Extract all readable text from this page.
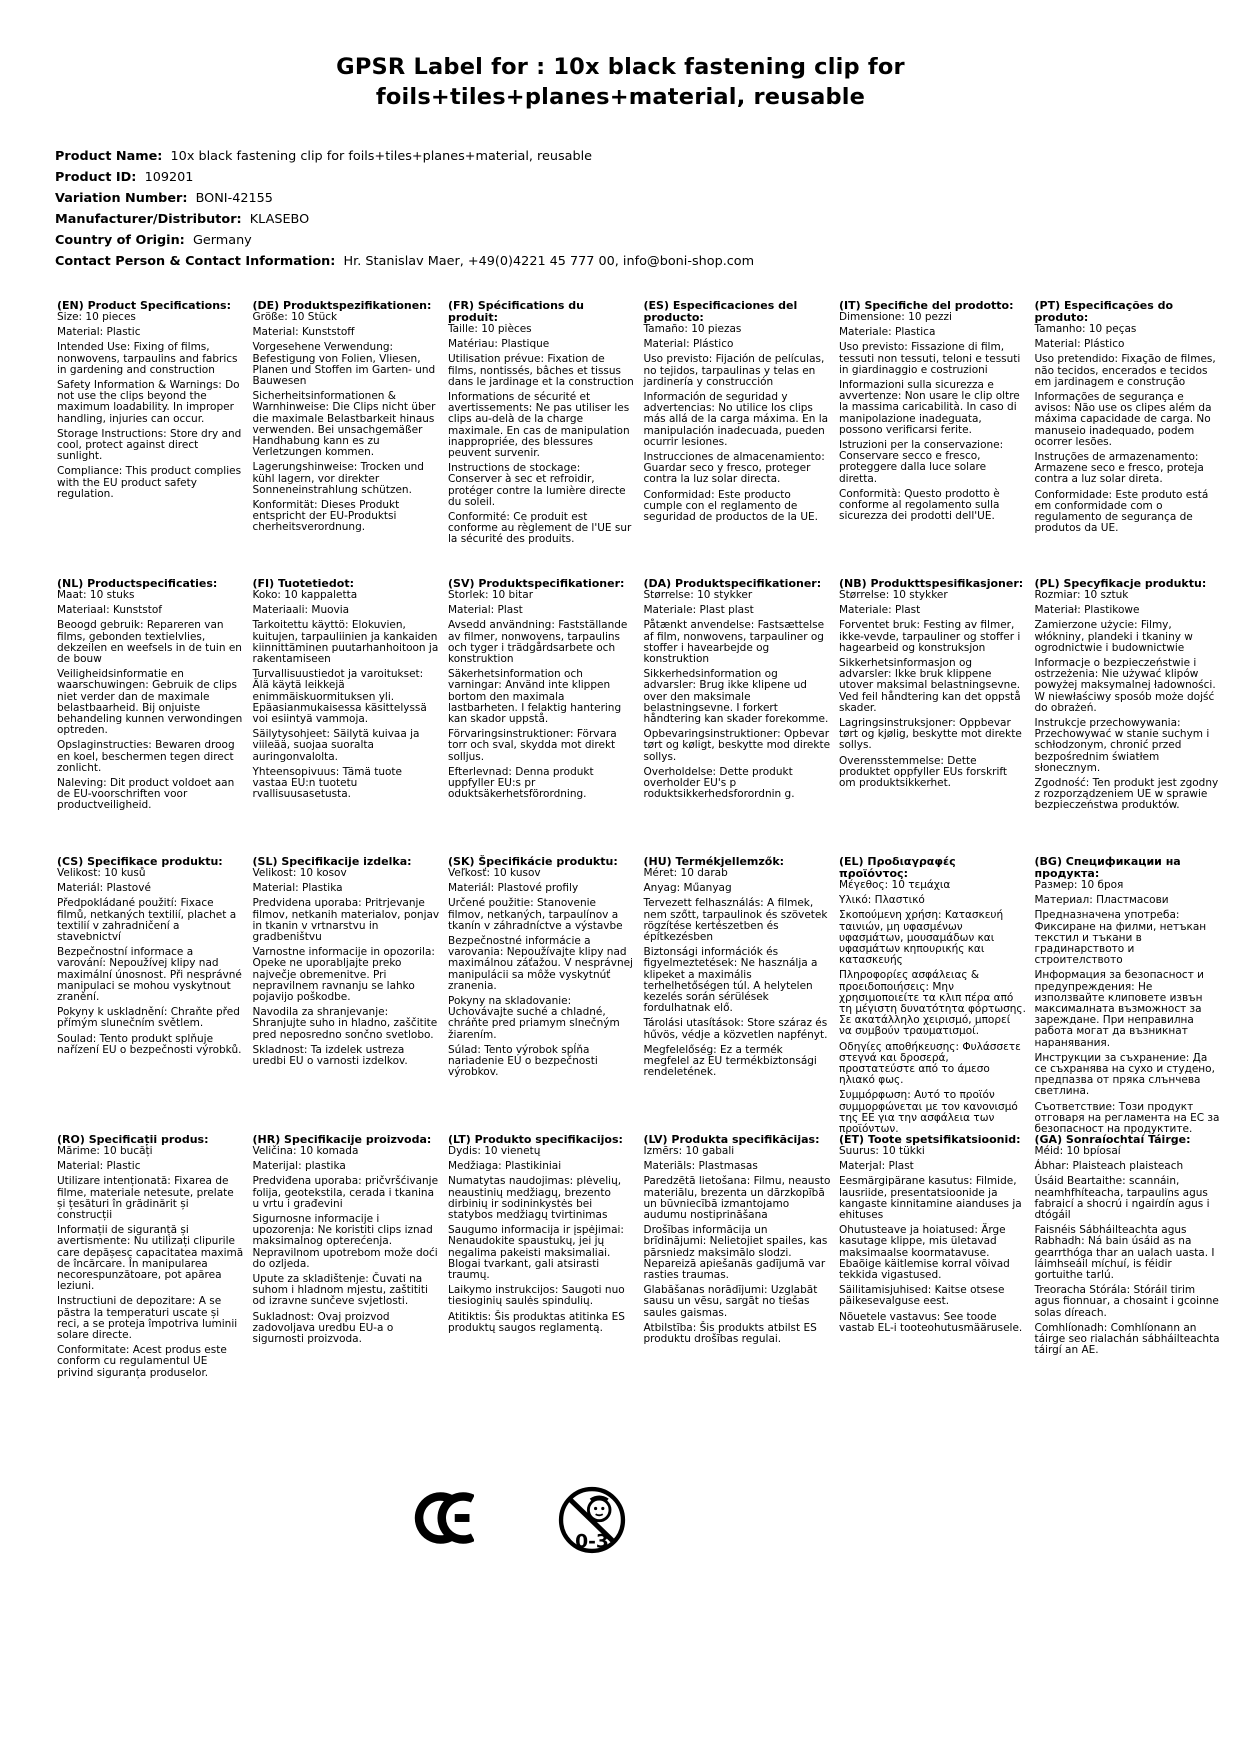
GPSR Label for : 10x black fastening clip for
foils+tiles+planes+material, reusable
Product Name: 10x black fastening clip for foils+tiles+planes+material, reusable
Product ID: 109201
Variation Number: BONI-42155
Manufacturer/Distributor: KLASEBO
Country of Origin: Germany
Contact Person & Contact Information: Hr. Stanislav Maer, +49(0)4221 45 777 00, info@boni-shop.com
(EN) Product Specifications:

Size: 10 pieces

Material: Plastic

Intended Use: Fixing of films, nonwovens, tarpaulins and fabrics in gardening and construction

Safety Information & Warnings: Do not use the clips beyond the maximum loadability. In improper handling, injuries can occur.

Storage Instructions: Store dry and cool, protect against direct sunlight.

Compliance: This product complies with the EU product safety regulation.

(DE) Produktspezifikationen:

Größe: 10 Stück

Material: Kunststoff

Vorgesehene Verwendung: Befestigung von Folien, Vliesen, Planen und Stoffen im Garten- und Bauwesen

Sicherheitsinformationen & Warnhinweise: Die Clips nicht über die maximale Belastbarkeit hinaus verwenden. Bei unsachgemäßer Handhabung kann es zu Verletzungen kommen.

Lagerungshinweise: Trocken und kühl lagern, vor direkter Sonneneinstrahlung schützen.

Konformität: Dieses Produkt entspricht der EU-Produktsi cherheitsverordnung.

(FR) Spécifications du produit:

Taille: 10 pièces

Matériau: Plastique

Utilisation prévue: Fixation de films, nontissés, bâches et tissus dans le jardinage et la construction

Informations de sécurité et avertissements: Ne pas utiliser les clips au-delà de la charge maximale. En cas de manipulation inappropriée, des blessures peuvent survenir.

Instructions de stockage: Conserver à sec et refroidir, protéger contre la lumière directe du soleil.

Conformité: Ce produit est conforme au règlement de l'UE sur la sécurité des produits.

(ES) Especificaciones del producto:

Tamaño: 10 piezas

Material: Plástico

Uso previsto: Fijación de películas, no tejidos, tarpaulinas y telas en jardinería y construcción

Información de seguridad y advertencias: No utilice los clips más allá de la carga máxima. En la manipulación inadecuada, pueden ocurrir lesiones.

Instrucciones de almacenamiento: Guardar seco y fresco, proteger contra la luz solar directa.

Conformidad: Este producto cumple con el reglamento de seguridad de productos de la UE.

(IT) Specifiche del prodotto:

Dimensione: 10 pezzi

Materiale: Plastica

Uso previsto: Fissazione di film, tessuti non tessuti, teloni e tessuti in giardinaggio e costruzioni

Informazioni sulla sicurezza e avvertenze: Non usare le clip oltre la massima caricabilità. In caso di manipolazione inadeguata, possono verificarsi ferite.

Istruzioni per la conservazione: Conservare secco e fresco, proteggere dalla luce solare diretta.

Conformità: Questo prodotto è conforme al regolamento sulla sicurezza dei prodotti dell'UE.

(PT) Especificações do produto:

Tamanho: 10 peças

Material: Plástico

Uso pretendido: Fixação de filmes, não tecidos, encerados e tecidos em jardinagem e construção

Informações de segurança e avisos: Não use os clipes além da máxima capacidade de carga. No manuseio inadequado, podem ocorrer lesões.

Instruções de armazenamento: Armazene seco e fresco, proteja contra a luz solar direta.

Conformidade: Este produto está em conformidade com o regulamento de segurança de produtos da UE.

(NL) Productspecificaties:

Maat: 10 stuks

Materiaal: Kunststof

Beoogd gebruik: Repareren van films, gebonden textielvlies, dekzeilen en weefsels in de tuin en de bouw

Veiligheidsinformatie en waarschuwingen: Gebruik de clips niet verder dan de maximale belastbaarheid. Bij onjuiste behandeling kunnen verwondingen optreden.

Opslaginstructies: Bewaren droog en koel, beschermen tegen direct zonlicht.

Naleving: Dit product voldoet aan de EU-voorschriften voor productveiligheid.

(FI) Tuotetiedot:

Koko: 10 kappaletta

Materiaali: Muovia

Tarkoitettu käyttö: Elokuvien, kuitujen, tarpauliinien ja kankaiden kiinnittäminen puutarhanhoitoon ja rakentamiseen

Turvallisuustiedot ja varoitukset: Älä käytä leikkejä enimmäiskuormituksen yli. Epäasianmukaisessa käsittelyssä voi esiintyä vammoja.

Säilytysohjeet: Säilytä kuivaa ja viileää, suojaa suoralta auringonvalolta.

Yhteensopivuus: Tämä tuote vastaa EU:n tuotetu rvallisuusasetusta.

(SV) Produktspecifikationer:

Storlek: 10 bitar

Material: Plast

Avsedd användning: Fastställande av filmer, nonwovens, tarpaulins och tyger i trädgårdsarbete och konstruktion

Säkerhetsinformation och varningar: Använd inte klippen bortom den maximala lastbarheten. I felaktig hantering kan skador uppstå.

Förvaringsinstruktioner: Förvara torr och sval, skydda mot direkt solljus.

Efterlevnad: Denna produkt uppfyller EU:s pr oduktsäkerhetsförordning.

(DA) Produktspecifikationer:

Størrelse: 10 stykker

Materiale: Plast plast

Påtænkt anvendelse: Fastsættelse af film, nonwovens, tarpauliner og stoffer i havearbejde og konstruktion

Sikkerhedsinformation og advarsler: Brug ikke klipene ud over den maksimale belastningsevne. I forkert håndtering kan skader forekomme.

Opbevaringsinstruktioner: Opbevar tørt og køligt, beskytte mod direkte sollys.

Overholdelse: Dette produkt overholder EU's p roduktsikkerhedsforordnin g.

(NB) Produkttspesifikasjoner:

Størrelse: 10 stykker

Materiale: Plast

Forventet bruk: Festing av filmer, ikke-vevde, tarpauliner og stoffer i hagearbeid og konstruksjon

Sikkerhetsinformasjon og advarsler: Ikke bruk klippene utover maksimal belastningsevne. Ved feil håndtering kan det oppstå skader.

Lagringsinstruksjoner: Oppbevar tørt og kjølig, beskytte mot direkte sollys.

Overensstemmelse: Dette produktet oppfyller EUs forskrift om produktsikkerhet.

(PL) Specyfikacje produktu:

Rozmiar: 10 sztuk

Materiał: Plastikowe

Zamierzone użycie: Filmy, włókniny, plandeki i tkaniny w ogrodnictwie i budownictwie

Informacje o bezpieczeństwie i ostrzeżenia: Nie używać klipów powyżej maksymalnej ładowności. W niewłaściwy sposób może dojść do obrażeń.

Instrukcje przechowywania: Przechowywać w stanie suchym i schłodzonym, chronić przed bezpośrednim światłem słonecznym.

Zgodność: Ten produkt jest zgodny z rozporządzeniem UE w sprawie bezpieczeństwa produktów.

(CS) Specifikace produktu:

Velikost: 10 kusů

Materiál: Plastové

Předpokládané použití: Fixace filmů, netkaných textilií, plachet a textilií v zahradničení a stavebnictví

Bezpečnostní informace a varování: Nepoužívej klipy nad maximální únosnost. Při nesprávné manipulaci se mohou vyskytnout zranění.

Pokyny k uskladnění: Chraňte před přímým slunečním světlem.

Soulad: Tento produkt splňuje nařízení EU o bezpečnosti výrobků.

(SL) Specifikacije izdelka:

Velikost: 10 kosov

Material: Plastika

Predvidena uporaba: Pritrjevanje filmov, netkanih materialov, ponjav in tkanin v vrtnarstvu in gradbeništvu

Varnostne informacije in opozorila: Opeke ne uporabljajte preko največje obremenitve. Pri nepravilnem ravnanju se lahko pojavijo poškodbe.

Navodila za shranjevanje: Shranjujte suho in hladno, zaščitite pred neposredno sončno svetlobo.

Skladnost: Ta izdelek ustreza uredbi EU o varnosti izdelkov.

(SK) Špecifikácie produktu:

Veľkosť: 10 kusov

Materiál: Plastové profily

Určené použitie: Stanovenie filmov, netkaných, tarpaulínov a tkanín v záhradníctve a výstavbe

Bezpečnostné informácie a varovania: Nepoužívajte klipy nad maximálnou záťažou. V nesprávnej manipulácii sa môže vyskytnúť zranenia.

Pokyny na skladovanie: Uchovávajte suché a chladné, chráňte pred priamym slnečným žiarením.

Súlad: Tento výrobok spĺňa nariadenie EÚ o bezpečnosti výrobkov.

(HU) Termékjellemzők:

Méret: 10 darab

Anyag: Műanyag

Tervezett felhasználás: A filmek, nem szőtt, tarpaulinok és szövetek rögzítése kertészetben és építkezésben

Biztonsági információk és figyelmeztetések: Ne használja a klipeket a maximális terhelhetőségen túl. A helytelen kezelés során sérülések fordulhatnak elő.

Tárolási utasítások: Store száraz és hűvös, védje a közvetlen napfényt.

Megfelelőség: Ez a termék megfelel az EU termékbiztonsági rendeletének.

(EL) Προδιαγραφές προϊόντος:

Μέγεθος: 10 τεμάχια

Υλικό: Πλαστικό

Σκοπούμενη χρήση: Κατασκευή ταινιών, μη υφασμένων υφασμάτων, μουσαμάδων και υφασμάτων κηπουρικής και κατασκευής

Πληροφορίες ασφάλειας & προειδοποιήσεις: Μην χρησιμοποιείτε τα κλιπ πέρα από τη μέγιστη δυνατότητα φόρτωσης. Σε ακατάλληλο χειρισμό, μπορεί να συμβούν τραυματισμοί.

Οδηγίες αποθήκευσης: Φυλάσσετε στεγνά και δροσερά, προστατεύστε από το άμεσο ηλιακό φως.

Συμμόρφωση: Αυτό το προϊόν συμμορφώνεται με τον κανονισμό της ΕΕ για την ασφάλεια των προϊόντων.

(BG) Спецификации на продукта:

Размер: 10 броя

Материал: Пластмасови

Предназначена употреба: Фиксиране на филми, нетъкан текстил и тъкани в градинарството и строителството

Информация за безопасност и предупреждения: Не използвайте клиповете извън максималната възможност за зареждане. При неправилна работа могат да възникнат наранявания.

Инструкции за съхранение: Да се съхранява на сухо и студено, предпазва от пряка слънчева светлина.

Съответствие: Този продукт отговаря на регламента на ЕС за безопасност на продуктите.

(RO) Specificații produs:

Mărime: 10 bucăți

Material: Plastic

Utilizare intenționată: Fixarea de filme, materiale netesute, prelate și țesături în grădinărit și construcții

Informații de siguranță și avertismente: Nu utilizați clipurile care depășesc capacitatea maximă de încărcare. În manipularea necorespunzătoare, pot apărea leziuni.

Instructiuni de depozitare: A se păstra la temperaturi uscate și reci, a se proteja împotriva luminii solare directe.

Conformitate: Acest produs este conform cu regulamentul UE privind siguranța produselor.

(HR) Specifikacije proizvoda:

Veličina: 10 komada

Materijal: plastika

Predviđena uporaba: pričvršćivanje folija, geotekstila, cerada i tkanina u vrtu i građevini

Sigurnosne informacije i upozorenja: Ne koristiti clips iznad maksimalnog opterećenja. Nepravilnom upotrebom može doći do ozljeda.

Upute za skladištenje: Čuvati na suhom i hladnom mjestu, zaštititi od izravne sunčeve svjetlosti.

Sukladnost: Ovaj proizvod zadovoljava uredbu EU-a o sigurnosti proizvoda.

(LT) Produkto specifikacijos:

Dydis: 10 vienetų

Medžiaga: Plastikiniai

Numatytas naudojimas: plėvelių, neaustinių medžiagų, brezento dirbinių ir sodininkystės bei statybos medžiagų tvirtinimas

Saugumo informacija ir įspėjimai: Nenaudokite spaustukų, jei jų negalima pakeisti maksimaliai. Blogai tvarkant, gali atsirasti traumų.

Laikymo instrukcijos: Saugoti nuo tiesioginių saulės spindulių.

Atitiktis: Šis produktas atitinka ES produktų saugos reglamentą.

(LV) Produkta specifikācijas:

Izmērs: 10 gabali

Materiāls: Plastmasas

Paredzētā lietošana: Filmu, neausto materiālu, brezenta un dārzkopībā un būvniecībā izmantojamo audumu nostiprināšana

Drošības informācija un brīdinājumi: Nelietojiet spailes, kas pārsniedz maksimālo slodzi. Nepareizā apiešanās gadījumā var rasties traumas.

Glabāšanas norādījumi: Uzglabāt sausu un vēsu, sargāt no tiešas saules gaismas.

Atbilstība: Šis produkts atbilst ES produktu drošības regulai.

(ET) Toote spetsifikatsioonid:

Suurus: 10 tükki

Materjal: Plast

Eesmärgipärane kasutus: Filmide, lausriide, presentatsioonide ja kangaste kinnitamine aianduses ja ehituses

Ohutusteave ja hoiatused: Ärge kasutage klippe, mis ületavad maksimaalse koormatavuse. Ebaõige käitlemise korral võivad tekkida vigastused.

Säilitamisjuhised: Kaitse otsese päikesevalguse eest.

Nõuetele vastavus: See toode vastab EL-i tooteohutusmäärusele.

(GA) Sonraíochtaí Táirge:

Méid: 10 bpíosaí

Ábhar: Plaisteach plaisteach

Úsáid Beartaithe: scannáin, neamhfhíteacha, tarpaulins agus fabraicí a shocrú i ngairdín agus i dtógáil

Faisnéis Sábháilteachta agus Rabhadh: Ná bain úsáid as na gearrthóga thar an ualach uasta. I láimhseáil míchuí, is féidir gortuithe tarlú.

Treoracha Stórála: Stóráil tirim agus fionnuar, a chosaint i gcoinne solas díreach.

Comhlíonadh: Comhlíonann an táirge seo rialachán sábháilteachta táirgí an AE.

0-3
